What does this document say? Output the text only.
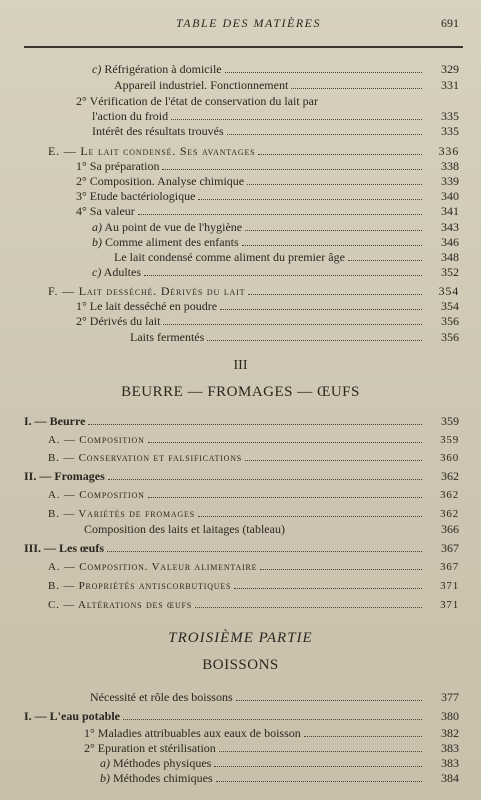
TABLE DES MATIÈRES	691
c) Réfrigération à domicile	329
Appareil industriel. Fonctionnement	331
2° Vérification de l'état de conservation du lait par
l'action du froid	335
Intérêt des résultats trouvés	335
E. — Le lait condensé. Ses avantages	336
1° Sa préparation	338
2° Composition. Analyse chimique	339
3° Etude bactériologique	340
4° Sa valeur	341
a) Au point de vue de l'hygiène	343
b) Comme aliment des enfants	346
Le lait condensé comme aliment du premier âge	348
c) Adultes	352
F. — Lait desséché. Dérivés du lait	354
1° Le lait desséché en poudre	354
2° Dérivés du lait	356
Laits fermentés	356
III
BEURRE — FROMAGES — ŒUFS
I. — Beurre	359
A. — Composition	359
B. — Conservation et falsifications	360
II. — Fromages	362
A. — Composition	362
B. — Variétés de fromages	362
Composition des laits et laitages (tableau)	366
III. — Les œufs	367
A. — Composition. Valeur alimentaire	367
B. — Propriétés antiscorbutiques	371
C. — Altérations des œufs	371
TROISIÈME PARTIE
BOISSONS
Nécessité et rôle des boissons	377
I. — L'eau potable	380
1° Maladies attribuables aux eaux de boisson	382
2° Epuration et stérilisation	383
a) Méthodes physiques	383
b) Méthodes chimiques	384
